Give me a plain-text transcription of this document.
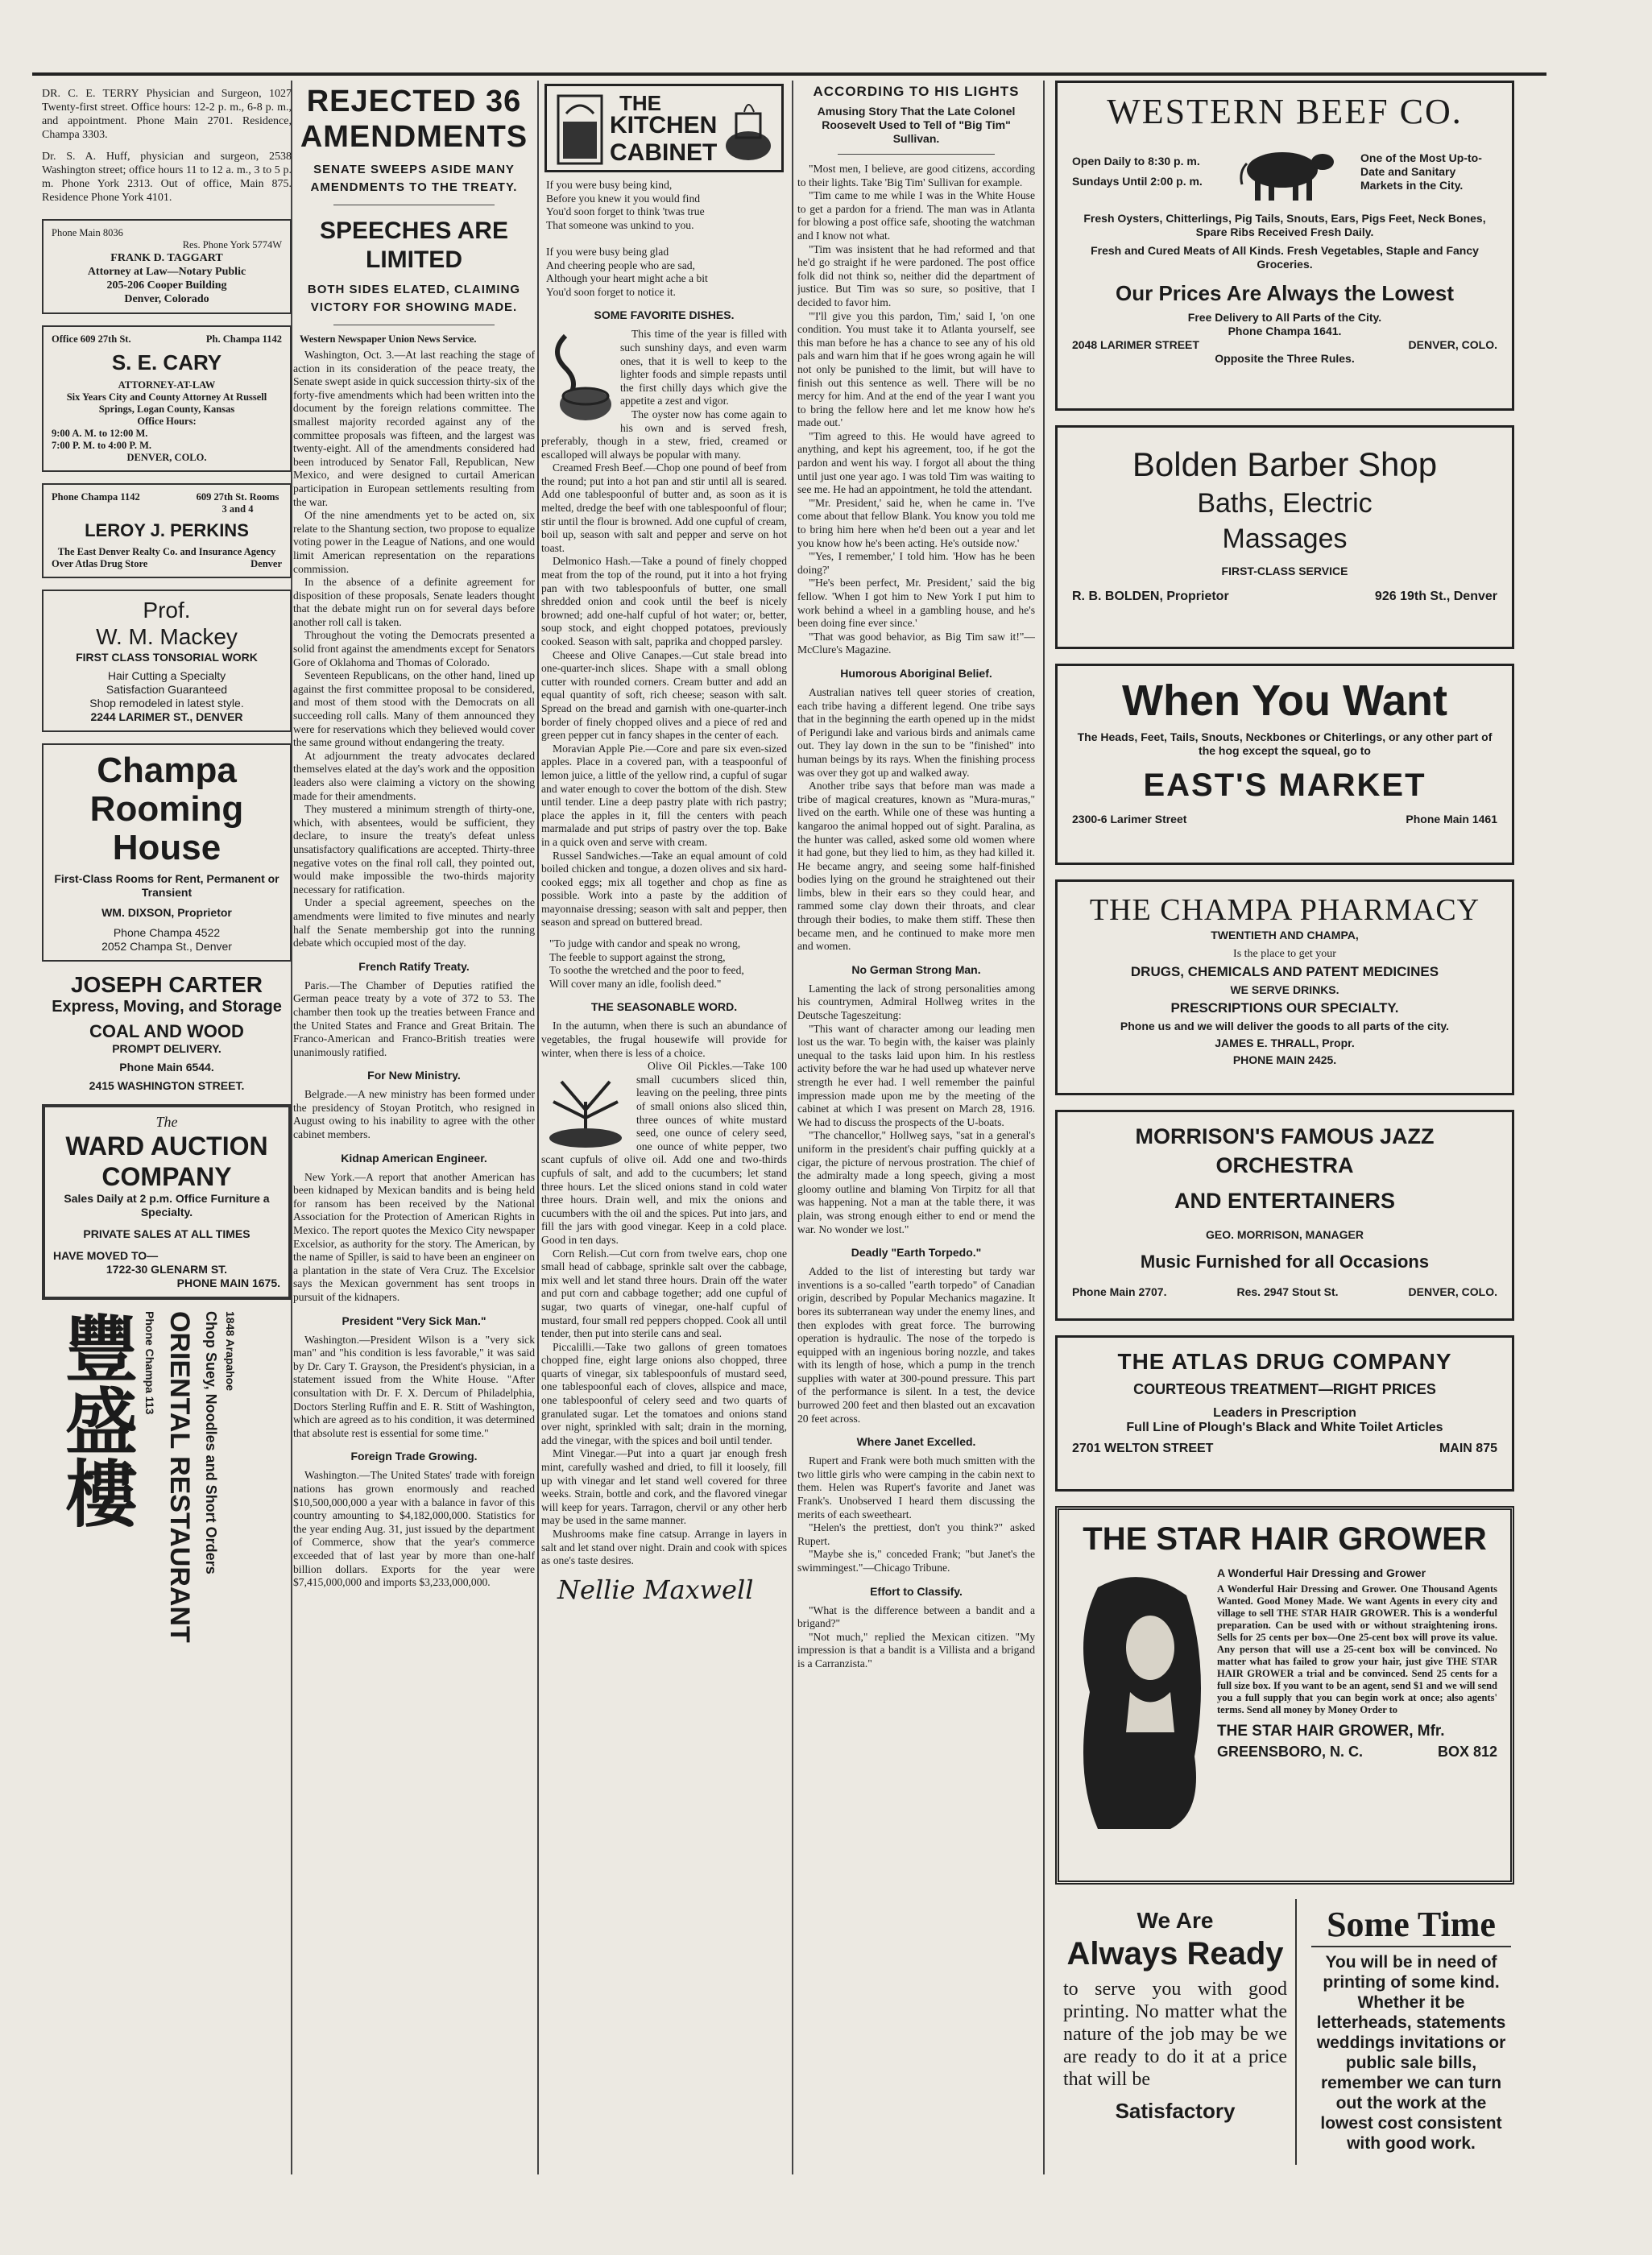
DR. C. E. TERRY Physician and Surgeon, 1027 Twenty-first street. Office hours: 12-2 p. m., 6-8 p. m., and appointment. Phone Main 2701. Residence, Champa 3303.
Dr. S. A. Huff, physician and surgeon, 2538 Washington street; office hours 11 to 12 a. m., 3 to 5 p. m. Phone York 2313. Out of office, Main 875. Residence Phone York 4101.
Phone Main 8036
Res. Phone York 5774W
FRANK D. TAGGART
Attorney at Law—Notary Public
205-206 Cooper Building
Denver, Colorado
Office 609 27th St.	Ph. Champa 1142
S. E. CARY
ATTORNEY-AT-LAW
Six Years City and County Attorney At Russell Springs, Logan County, Kansas
Office Hours:
9:00 A. M. to 12:00 M.
7:00 P. M. to 4:00 P. M.
DENVER, COLO.
Phone Champa 1142	609 27th St. Rooms 3 and 4
LEROY J. PERKINS
The East Denver Realty Co. and Insurance Agency
Over Atlas Drug Store	Denver
Prof.
W. M. Mackey
FIRST CLASS TONSORIAL WORK
Hair Cutting a Specialty
Satisfaction Guaranteed
Shop remodeled in latest style.
2244 LARIMER ST., DENVER
Champa
Rooming
House
First-Class Rooms for Rent, Permanent or Transient
WM. DIXSON, Proprietor
Phone Champa 4522
2052 Champa St., Denver
JOSEPH CARTER
Express, Moving, and Storage
COAL AND WOOD
PROMPT DELIVERY.
Phone Main 6544.
2415 WASHINGTON STREET.
The
WARD AUCTION COMPANY
Sales Daily at 2 p.m. Office Furniture a Specialty.
PRIVATE SALES AT ALL TIMES
HAVE MOVED TO—
1722-30 GLENARM ST.
PHONE MAIN 1675.
豐盛樓 Phone Champa 113 ORIENTAL RESTAURANT Chop Suey, Noodles and Short Orders 1848 Arapahoe
REJECTED 36 AMENDMENTS
SENATE SWEEPS ASIDE MANY AMENDMENTS TO THE TREATY.
SPEECHES ARE LIMITED
BOTH SIDES ELATED, CLAIMING VICTORY FOR SHOWING MADE.
Western Newspaper Union News Service.

Washington, Oct. 3.—At last reaching the stage of action in its consideration of the peace treaty, the Senate swept aside in quick succession thirty-six of the forty-five amendments which had been written into the document by the foreign relations committee. The smallest majority recorded against any of the committee proposals was fifteen, and the largest was twenty-eight. All of the amendments considered had been introduced by Senator Fall, Republican, New Mexico, and were designed to curtail American participation in European settlements resulting from the war.

Of the nine amendments yet to be acted on, six relate to the Shantung section, two propose to equalize voting power in the League of Nations, and one would limit American representation on the reparations commission.

In the absence of a definite agreement for disposition of these proposals, Senate leaders thought that the debate might run on for several days before another roll call is taken.

Throughout the voting the Democrats presented a solid front against the amendments except for Senators Gore of Oklahoma and Thomas of Colorado.

Seventeen Republicans, on the other hand, lined up against the first committee proposal to be considered, and most of them stood with the Democrats on all succeeding roll calls. Many of them announced they were for reservations which they believed would cover the same ground without endangering the treaty.

At adjournment the treaty advocates declared themselves elated at the day's work and the opposition leaders also were claiming a victory on the showing made for their amendments.

They mustered a minimum strength of thirty-one, which, with absentees, would be sufficient, they declare, to insure the treaty's defeat unless unsatisfactory qualifications are accepted. Thirty-three negative votes on the final roll call, they pointed out, would make impossible the two-thirds majority necessary for ratification.

Under a special agreement, speeches on the amendments were limited to five minutes and nearly half the Senate membership got into the running debate which occupied most of the day.

French Ratify Treaty.

Paris.—The Chamber of Deputies ratified the German peace treaty by a vote of 372 to 53. The chamber then took up the treaties between France and the United States and France and Great Britain. The Franco-American and Franco-British treaties were unanimously ratified.

For New Ministry.

Belgrade.—A new ministry has been formed under the presidency of Stoyan Protitch, who resigned in August owing to his inability to agree with the other cabinet members.

Kidnap American Engineer.

New York.—A report that another American has been kidnaped by Mexican bandits and is being held for ransom has been received by the National Association for the Protection of American Rights in Mexico. The report quotes the Mexico City newspaper Excelsior, as authority for the story. The American, by the name of Spiller, is said to have been an engineer on a plantation in the state of Vera Cruz. The Excelsior says the Mexican government has sent troops in pursuit of the kidnapers.

President "Very Sick Man."

Washington.—President Wilson is a "very sick man" and "his condition is less favorable," it was said by Dr. Cary T. Grayson, the President's physician, in a statement issued from the White House. "After consultation with Dr. F. X. Dercum of Philadelphia, Doctors Sterling Ruffin and E. R. Stitt of Washington, which are agreed as to his condition, it was determined that absolute rest is essential for some time."

Foreign Trade Growing.

Washington.—The United States' trade with foreign nations has grown enormously and reached $10,500,000,000 a year with a balance in favor of this country amounting to $4,182,000,000. Statistics for the year ending Aug. 31, just issued by the department of Commerce, show that the year's commerce exceeded that of last year by more than one-half billion dollars. Exports for the year were $7,415,000,000 and imports $3,233,000,000.

THE
KITCHEN
CABINET
If you were busy being kind,
Before you knew it you would find
You'd soon forget to think 'twas true
That someone was unkind to you.

If you were busy being glad
And cheering people who are sad,
Although your heart might ache a bit
You'd soon forget to notice it.
SOME FAVORITE DISHES.

This time of the year is filled with such sunshiny days, and even warm ones, that it is well to keep to the lighter foods and simple repasts until the first chilly days which give the appetite a zest and vigor.

The oyster now has come again to his own and is served fresh, preferably, though in a stew, fried, creamed or escalloped will always be popular with many.

Creamed Fresh Beef.—Chop one pound of beef from the round; put into a hot pan and stir until all is seared. Add one tablespoonful of butter and, as soon as it is melted, dredge the beef with one tablespoonful of flour; stir until the flour is browned. Add one cupful of cream, boil up, season with salt and pepper and serve on hot toast.

Delmonico Hash.—Take a pound of finely chopped meat from the top of the round, put it into a hot frying pan with two tablespoonfuls of butter, one small shredded onion and cook until the beef is nicely browned; add one-half cupful of hot water; or, better, soup stock, and eight chopped potatoes, previously cooked. Season with salt, paprika and chopped parsley.

Cheese and Olive Canapes.—Cut stale bread into one-quarter-inch slices. Shape with a small oblong cutter with rounded corners. Cream butter and add an equal quantity of soft, rich cheese; season with salt. Spread on the bread and garnish with one-quarter-inch border of finely chopped olives and a piece of red and green pepper cut in fancy shapes in the center of each.

Moravian Apple Pie.—Core and pare six even-sized apples. Place in a covered pan, with a teaspoonful of lemon juice, a little of the yellow rind, a cupful of sugar and water enough to cover the bottom of the dish. Stew until tender. Line a deep pastry plate with rich pastry; place the apples in it, fill the centers with peach marmalade and put strips of pastry over the top. Bake in a quick oven and serve with cream.

Russel Sandwiches.—Take an equal amount of cold boiled chicken and tongue, a dozen olives and six hard-cooked eggs; mix all together and chop as fine as possible. Work into a paste by the addition of mayonnaise dressing; season with salt and pepper, then season and spread on buttered bread.

"To judge with candor and speak no wrong,
The feeble to support against the strong,
To soothe the wretched and the poor to feed,
Will cover many an idle, foolish deed."
THE SEASONABLE WORD.

In the autumn, when there is such an abundance of vegetables, the frugal housewife will provide for winter, when there is less of a choice.

Olive Oil Pickles.—Take 100 small cucumbers sliced thin, leaving on the peeling, three pints of small onions also sliced thin, three ounces of white mustard seed, one ounce of celery seed, one ounce of white pepper, two scant cupfuls of olive oil. Add one and two-thirds cupfuls of salt, and add to the cucumbers; let stand three hours. Let the sliced onions stand in cold water three hours. Drain well, and mix the onions and cucumbers with the oil and the spices. Put into jars, and fill the jars with good vinegar. Keep in a cold place. Good in ten days.

Corn Relish.—Cut corn from twelve ears, chop one small head of cabbage, sprinkle salt over the cabbage, mix well and let stand three hours. Drain off the water and put corn and cabbage together; add one cupful of sugar, two quarts of vinegar, one-half cupful of mustard, four small red peppers chopped. Cook all until tender, then put into sterile cans and seal.

Piccalilli.—Take two gallons of green tomatoes chopped fine, eight large onions also chopped, three quarts of vinegar, six tablespoonfuls of mustard seed, one tablespoonful each of cloves, allspice and mace, one tablespoonful of celery seed and two quarts of granulated sugar. Let the tomatoes and onions stand over night, sprinkled with salt; drain in the morning, add the vinegar, with the spices and boil until tender.

Mint Vinegar.—Put into a quart jar enough fresh mint, carefully washed and dried, to fill it loosely, fill up with vinegar and let stand well covered for three weeks. Strain, bottle and cork, and the flavored vinegar will keep for years. Tarragon, chervil or any other herb may be used in the same manner.

Mushrooms make fine catsup. Arrange in layers in salt and let stand over night. Drain and cook with spices as one's taste desires.

Nellie Maxwell
ACCORDING TO HIS LIGHTS
Amusing Story That the Late Colonel Roosevelt Used to Tell of "Big Tim" Sullivan.

"Most men, I believe, are good citizens, according to their lights. Take 'Big Tim' Sullivan for example.

"Tim came to me while I was in the White House to get a pardon for a friend. The man was in Atlanta for blowing a post office safe, shooting the watchman and I know not what.

"Tim was insistent that he had reformed and that he'd go straight if he were pardoned. The post office folk did not think so, neither did the department of justice. But Tim was so sure, so positive, that I decided to favor him.

"'I'll give you this pardon, Tim,' said I, 'on one condition. You must take it to Atlanta yourself, see this man before he has a chance to see any of his old pals and warn him that if he goes wrong again he will not only be punished to the limit, but will have to finish out this sentence as well. There will be no mercy for him. And at the end of the year I want you to bring the fellow here and let me know how he's made out.'

"Tim agreed to this. He would have agreed to anything, and kept his agreement, too, if he got the pardon and went his way. I forgot all about the thing until just one year ago. I was told Tim was waiting to see me. He had an appointment, he told the attendant.

"'Mr. President,' said he, when he came in. 'I've come about that fellow Blank. You know you told me to bring him here when he'd been out a year and let you know how he's been acting. He's outside now.'

"'Yes, I remember,' I told him. 'How has he been doing?'

"'He's been perfect, Mr. President,' said the big fellow. 'When I got him to New York I put him to work behind a wheel in a gambling house, and he's been doing fine ever since.'

"That was good behavior, as Big Tim saw it!"—McClure's Magazine.

Humorous Aboriginal Belief.

Australian natives tell queer stories of creation, each tribe having a different legend. One tribe says that in the beginning the earth opened up in the midst of Perigundi lake and various birds and animals came out. They lay down in the sun to be "finished" into human beings by its rays. When the finishing process was over they got up and walked away.

Another tribe says that before man was made a tribe of magical creatures, known as "Mura-muras," lived on the earth. While one of these was hunting a kangaroo the animal hopped out of sight. Paralina, as the hunter was called, asked some old women where it had gone, but they lied to him, as they had killed it. He became angry, and seeing some half-finished bodies lying on the ground he straightened out their limbs, blew in their ears so they could hear, and rammed some clay down their throats, and clear through their bodies, to make them stiff. These then became men, and he continued to make more men and women.

No German Strong Man.

Lamenting the lack of strong personalities among his countrymen, Admiral Hollweg writes in the Deutsche Tageszeitung:

"This want of character among our leading men lost us the war. To begin with, the kaiser was plainly unequal to the tasks laid upon him. In his restless activity before the war he had used up whatever nerve strength he ever had. I well remember the painful impression made upon me by the meeting of the cabinet at which I was present on March 28, 1916. We had to discuss the prospects of the U-boats.

"The chancellor," Hollweg says, "sat in a general's uniform in the president's chair puffing quickly at a cigar, the picture of nervous prostration. The chief of the admiralty made a long speech, giving a most gloomy outline and blaming Von Tirpitz for all that was happening. Not a man at the table there, it was plain, was strong enough either to end or mend the war. No wonder we lost."

Deadly "Earth Torpedo."

Added to the list of interesting but tardy war inventions is a so-called "earth torpedo" of Canadian origin, described by Popular Mechanics magazine. It bores its subterranean way under the enemy lines, and then explodes with great force. The burrowing operation is hydraulic. The nose of the torpedo is equipped with an ingenious boring nozzle, and takes with its length of hose, which a pump in the trench supplies with water at 300-pound pressure. This part of the performance is silent. In a test, the device burrowed 200 feet and then blasted out an excavation 20 feet across.

Where Janet Excelled.

Rupert and Frank were both much smitten with the two little girls who were camping in the cabin next to them. Helen was Rupert's favorite and Janet was Frank's. Unobserved I heard them discussing the merits of each sweetheart.

"Helen's the prettiest, don't you think?" asked Rupert.

"Maybe she is," conceded Frank; "but Janet's the swimmingest."—Chicago Tribune.

Effort to Classify.

"What is the difference between a bandit and a brigand?"

"Not much," replied the Mexican citizen. "My impression is that a bandit is a Villista and a brigand is a Carranzista."

WESTERN BEEF CO.
Open Daily to 8:30 p. m.
Sundays Until 2:00 p. m.
One of the Most Up-to-Date and Sanitary Markets in the City.
Fresh Oysters, Chitterlings, Pig Tails, Snouts, Ears, Pigs Feet, Neck Bones, Spare Ribs Received Fresh Daily.
Fresh and Cured Meats of All Kinds. Fresh Vegetables, Staple and Fancy Groceries.
Our Prices Are Always the Lowest
Free Delivery to All Parts of the City.
Phone Champa 1641.
2048 LARIMER STREET	DENVER, COLO.
Opposite the Three Rules.
Bolden Barber Shop
Baths, Electric
Massages
FIRST-CLASS SERVICE
R. B. BOLDEN, Proprietor	926 19th St., Denver
When You Want
The Heads, Feet, Tails, Snouts, Neckbones or Chiterlings, or any other part of the hog except the squeal, go to
EAST'S MARKET
2300-6 Larimer Street	Phone Main 1461
THE CHAMPA PHARMACY
TWENTIETH AND CHAMPA,
Is the place to get your
DRUGS, CHEMICALS AND PATENT MEDICINES
WE SERVE DRINKS.
PRESCRIPTIONS OUR SPECIALTY.
Phone us and we will deliver the goods to all parts of the city.
JAMES E. THRALL, Propr.
PHONE MAIN 2425.
MORRISON'S FAMOUS JAZZ ORCHESTRA
AND ENTERTAINERS
GEO. MORRISON, MANAGER
Music Furnished for all Occasions
Phone Main 2707.	Res. 2947 Stout St.	DENVER, COLO.
THE ATLAS DRUG COMPANY
COURTEOUS TREATMENT—RIGHT PRICES
Leaders in Prescription
Full Line of Plough's Black and White Toilet Articles
2701 WELTON STREET	MAIN 875
THE STAR HAIR GROWER
A Wonderful Hair Dressing and Grower
A Wonderful Hair Dressing and Grower. One Thousand Agents Wanted. Good Money Made. We want Agents in every city and village to sell THE STAR HAIR GROWER. This is a wonderful preparation. Can be used with or without straightening irons. Sells for 25 cents per box—One 25-cent box will prove its value. Any person that will use a 25-cent box will be convinced. No matter what has failed to grow your hair, just give THE STAR HAIR GROWER a trial and be convinced. Send 25 cents for a full size box. If you want to be an agent, send $1 and we will send you a full supply that you can begin work at once; also agents' terms. Send all money by Money Order to
THE STAR HAIR GROWER, Mfr.
GREENSBORO, N. C.	BOX 812
We Are
Always Ready
to serve you with good printing. No matter what the nature of the job may be we are ready to do it at a price that will be
Satisfactory
Some Time
You will be in need of printing of some kind. Whether it be letterheads, statements weddings invitations or public sale bills, remember we can turn out the work at the lowest cost consistent with good work.
